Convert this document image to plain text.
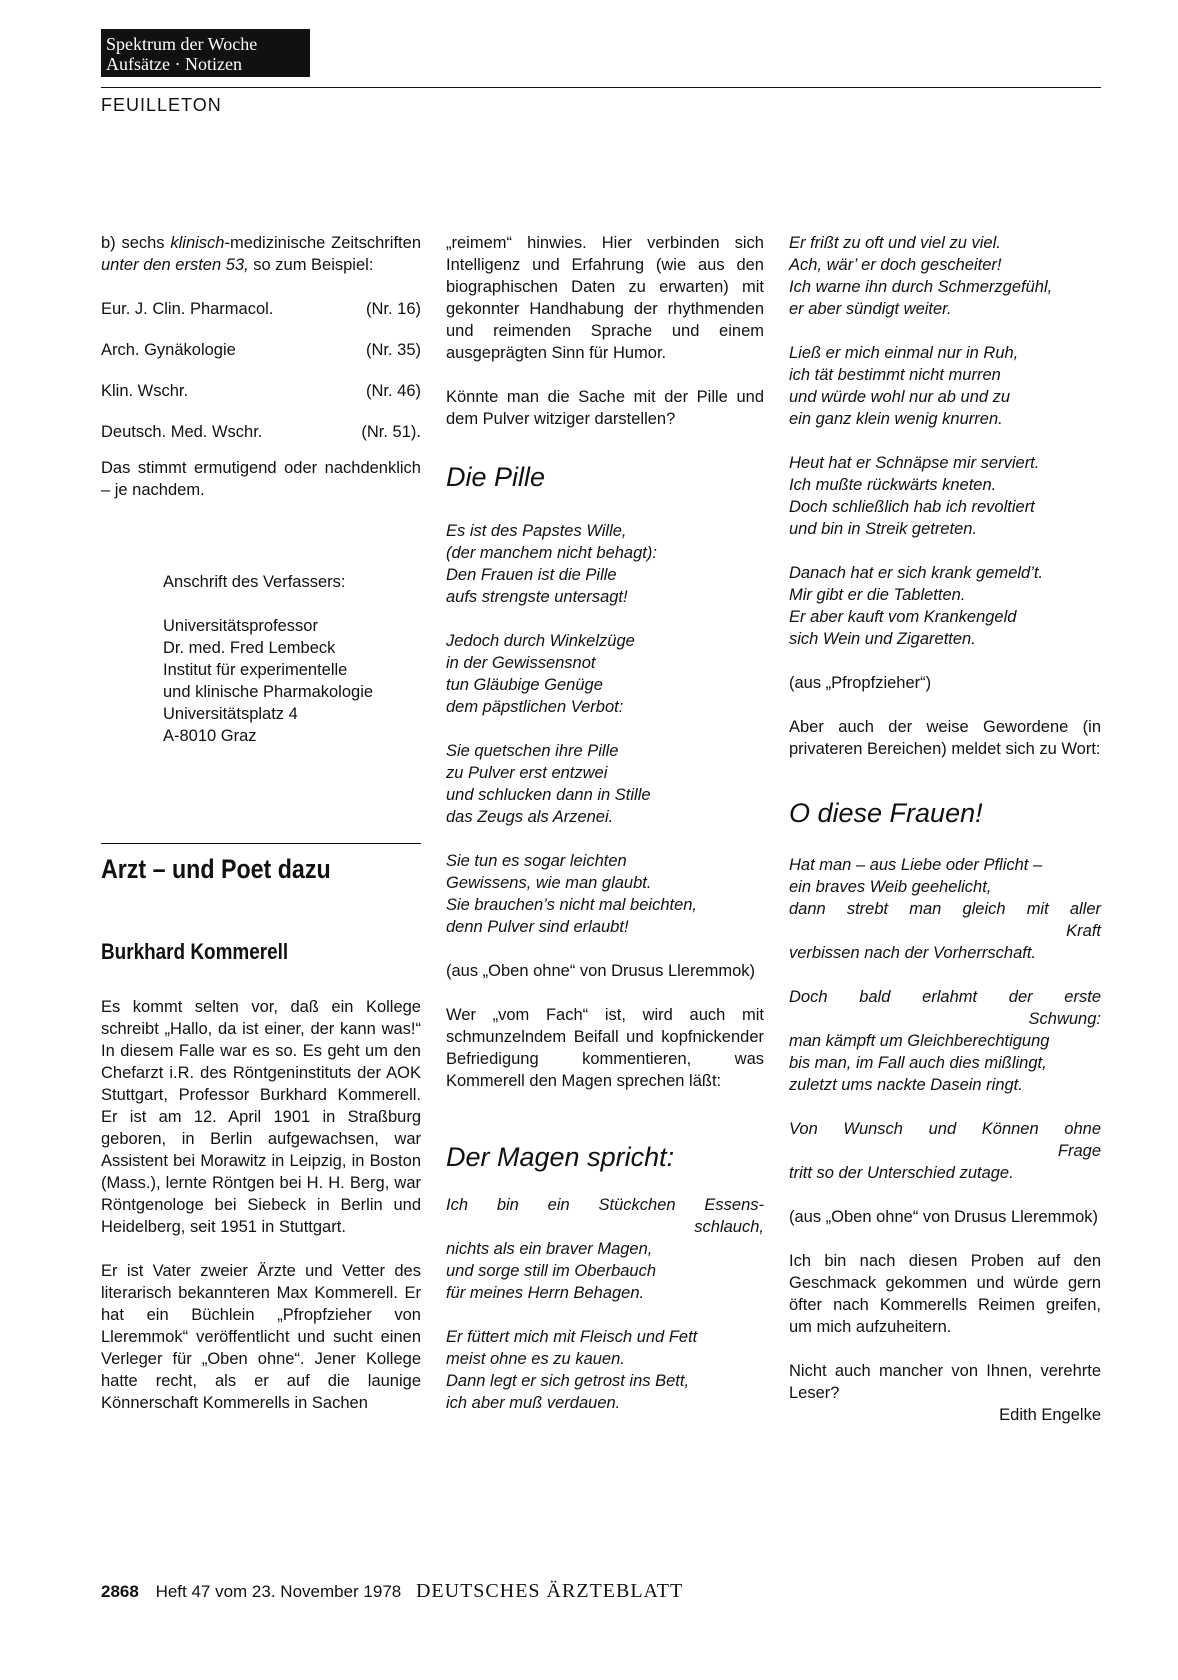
Spektrum der Woche
Aufsätze · Notizen
FEUILLETON

b) sechs klinisch-medizinische Zeitschriften unter den ersten 53, so zum Beispiel:

Eur. J. Clin. Pharmacol.	(Nr. 16)

Arch. Gynäkologie	(Nr. 35)

Klin. Wschr.	(Nr. 46)

Deutsch. Med. Wschr.	(Nr. 51).

Das stimmt ermutigend oder nachdenklich – je nachdem.

Anschrift des Verfassers:

Universitätsprofessor

Dr. med. Fred Lembeck

Institut für experimentelle

und klinische Pharmakologie

Universitätsplatz 4

A-8010 Graz

Arzt – und Poet dazu

Burkhard Kommerell

Es kommt selten vor, daß ein Kollege schreibt „Hallo, da ist einer, der kann was!“ In diesem Falle war es so. Es geht um den Chefarzt i.R. des Röntgeninstituts der AOK Stuttgart, Professor Burkhard Kommerell. Er ist am 12. April 1901 in Straßburg geboren, in Berlin aufgewachsen, war Assistent bei Morawitz in Leipzig, in Boston (Mass.), lernte Röntgen bei H. H. Berg, war Röntgenologe bei Siebeck in Berlin und Heidelberg, seit 1951 in Stuttgart.

Er ist Vater zweier Ärzte und Vetter des literarisch bekannteren Max Kommerell. Er hat ein Büchlein „Pfropfzieher von Lleremmok“ veröffentlicht und sucht einen Verleger für „Oben ohne“. Jener Kollege hatte recht, als er auf die launige Könnerschaft Kommerells in Sachen

„reimem“ hinwies. Hier verbinden sich Intelligenz und Erfahrung (wie aus den biographischen Daten zu erwarten) mit gekonnter Handhabung der rhythmenden und reimenden Sprache und einem ausgeprägten Sinn für Humor.

Könnte man die Sache mit der Pille und dem Pulver witziger darstellen?

Die Pille

Es ist des Papstes Wille,

(der manchem nicht behagt):

Den Frauen ist die Pille

aufs strengste untersagt!

Jedoch durch Winkelzüge

in der Gewissensnot

tun Gläubige Genüge

dem päpstlichen Verbot:

Sie quetschen ihre Pille

zu Pulver erst entzwei

und schlucken dann in Stille

das Zeugs als Arzenei.

Sie tun es sogar leichten

Gewissens, wie man glaubt.

Sie brauchen’s nicht mal beichten,

denn Pulver sind erlaubt!

(aus „Oben ohne“ von Drusus Lleremmok)

Wer „vom Fach“ ist, wird auch mit schmunzelndem Beifall und kopfnickender Befriedigung kommentieren, was Kommerell den Magen sprechen läßt:

Der Magen spricht:

Ich bin ein Stückchen Essens-

schlauch,

nichts als ein braver Magen,

und sorge still im Oberbauch

für meines Herrn Behagen.

Er füttert mich mit Fleisch und Fett

meist ohne es zu kauen.

Dann legt er sich getrost ins Bett,

ich aber muß verdauen.

Er frißt zu oft und viel zu viel.

Ach, wär’ er doch gescheiter!

Ich warne ihn durch Schmerzgefühl,

er aber sündigt weiter.

Ließ er mich einmal nur in Ruh,

ich tät bestimmt nicht murren

und würde wohl nur ab und zu

ein ganz klein wenig knurren.

Heut hat er Schnäpse mir serviert.

Ich mußte rückwärts kneten.

Doch schließlich hab ich revoltiert

und bin in Streik getreten.

Danach hat er sich krank gemeld’t.

Mir gibt er die Tabletten.

Er aber kauft vom Krankengeld

sich Wein und Zigaretten.

(aus „Pfropfzieher“)

Aber auch der weise Gewordene (in privateren Bereichen) meldet sich zu Wort:

O diese Frauen!

Hat man – aus Liebe oder Pflicht –

ein braves Weib geehelicht,

dann strebt man gleich mit aller

Kraft

verbissen nach der Vorherrschaft.

Doch bald erlahmt der erste

Schwung:

man kämpft um Gleichberechtigung

bis man, im Fall auch dies mißlingt,

zuletzt ums nackte Dasein ringt.

Von Wunsch und Können ohne

Frage

tritt so der Unterschied zutage.

(aus „Oben ohne“ von Drusus Lleremmok)

Ich bin nach diesen Proben auf den Geschmack gekommen und würde gern öfter nach Kommerells Reimen greifen, um mich aufzuheitern.

Nicht auch mancher von Ihnen, verehrte Leser?

Edith Engelke

2868 Heft 47 vom 23. November 1978 DEUTSCHES ÄRZTEBLATT
